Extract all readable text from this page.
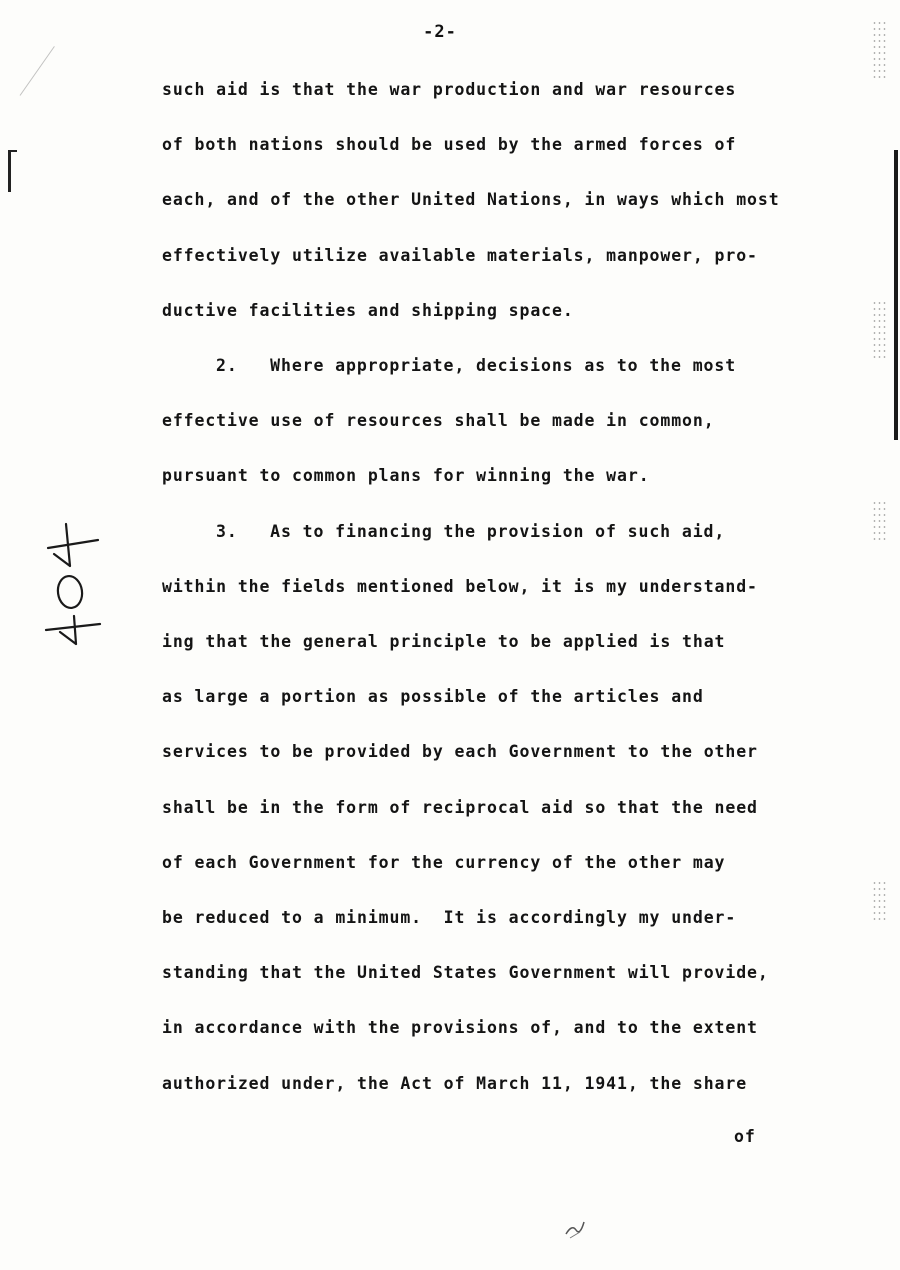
-2-
such aid is that the war production and war resources
of both nations should be used by the armed forces of
each, and of the other United Nations, in ways which most
effectively utilize available materials, manpower, pro-
ductive facilities and shipping space.
2.   Where appropriate, decisions as to the most
effective use of resources shall be made in common,
pursuant to common plans for winning the war.
3.   As to financing the provision of such aid,
within the fields mentioned below, it is my understand-
ing that the general principle to be applied is that
as large a portion as possible of the articles and
services to be provided by each Government to the other
shall be in the form of reciprocal aid so that the need
of each Government for the currency of the other may
be reduced to a minimum.  It is accordingly my under-
standing that the United States Government will provide,
in accordance with the provisions of, and to the extent
authorized under, the Act of March 11, 1941, the share
of
